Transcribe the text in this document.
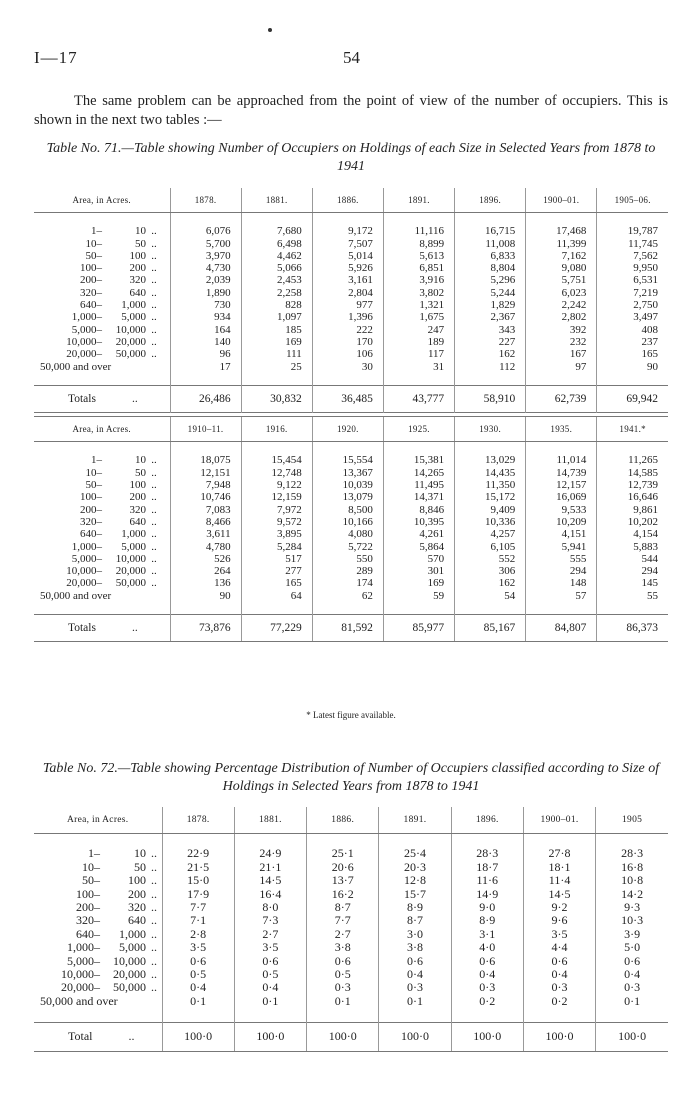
I—17	54
The same problem can be approached from the point of view of the number of occupiers. This is shown in the next two tables :—
Table No. 71.—Table showing Number of Occupiers on Holdings of each Size in Selected Years from 1878 to 1941
Area, in Acres.	1878.	1881.	1886.	1891.	1896.	1900–01.	1905–06.

1– 10 ..	6,076	7,680	9,172	11,116	16,715	17,468	19,787
10– 50 ..	5,700	6,498	7,507	8,899	11,008	11,399	11,745
50– 100 ..	3,970	4,462	5,014	5,613	6,833	7,162	7,562
100– 200 ..	4,730	5,066	5,926	6,851	8,804	9,080	9,950
200– 320 ..	2,039	2,453	3,161	3,916	5,296	5,751	6,531
320– 640 ..	1,890	2,258	2,804	3,802	5,244	6,023	7,219
640– 1,000 ..	730	828	977	1,321	1,829	2,242	2,750
1,000– 5,000 ..	934	1,097	1,396	1,675	2,367	2,802	3,497
5,000– 10,000 ..	164	185	222	247	343	392	408
10,000– 20,000 ..	140	169	170	189	227	232	237
20,000– 50,000 ..	96	111	106	117	162	167	165
50,000 and over	17	25	30	31	112	97	90

Totals ..	26,486	30,832	36,485	43,777	58,910	62,739	69,942

Area, in Acres.	1910–11.	1916.	1920.	1925.	1930.	1935.	1941.*

1– 10 ..	18,075	15,454	15,554	15,381	13,029	11,014	11,265
10– 50 ..	12,151	12,748	13,367	14,265	14,435	14,739	14,585
50– 100 ..	7,948	9,122	10,039	11,495	11,350	12,157	12,739
100– 200 ..	10,746	12,159	13,079	14,371	15,172	16,069	16,646
200– 320 ..	7,083	7,972	8,500	8,846	9,409	9,533	9,861
320– 640 ..	8,466	9,572	10,166	10,395	10,336	10,209	10,202
640– 1,000 ..	3,611	3,895	4,080	4,261	4,257	4,151	4,154
1,000– 5,000 ..	4,780	5,284	5,722	5,864	6,105	5,941	5,883
5,000– 10,000 ..	526	517	550	570	552	555	544
10,000– 20,000 ..	264	277	289	301	306	294	294
20,000– 50,000 ..	136	165	174	169	162	148	145
50,000 and over	90	64	62	59	54	57	55

Totals ..	73,876	77,229	81,592	85,977	85,167	84,807	86,373

* Latest figure available.
Table No. 72.—Table showing Percentage Distribution of Number of Occupiers classified according to Size of Holdings in Selected Years from 1878 to 1941
Area, in Acres.	1878.	1881.	1886.	1891.	1896.	1900–01.	1905

1– 10 ..	22·9	24·9	25·1	25·4	28·3	27·8	28·3
10– 50 ..	21·5	21·1	20·6	20·3	18·7	18·1	16·8
50– 100 ..	15·0	14·5	13·7	12·8	11·6	11·4	10·8
100– 200 ..	17·9	16·4	16·2	15·7	14·9	14·5	14·2
200– 320 ..	7·7	8·0	8·7	8·9	9·0	9·2	9·3
320– 640 ..	7·1	7·3	7·7	8·7	8·9	9·6	10·3
640– 1,000 ..	2·8	2·7	2·7	3·0	3·1	3·5	3·9
1,000– 5,000 ..	3·5	3·5	3·8	3·8	4·0	4·4	5·0
5,000– 10,000 ..	0·6	0·6	0·6	0·6	0·6	0·6	0·6
10,000– 20,000 ..	0·5	0·5	0·5	0·4	0·4	0·4	0·4
20,000– 50,000 ..	0·4	0·4	0·3	0·3	0·3	0·3	0·3
50,000 and over	0·1	0·1	0·1	0·1	0·2	0·2	0·1

Total ..	100·0	100·0	100·0	100·0	100·0	100·0	100·0
